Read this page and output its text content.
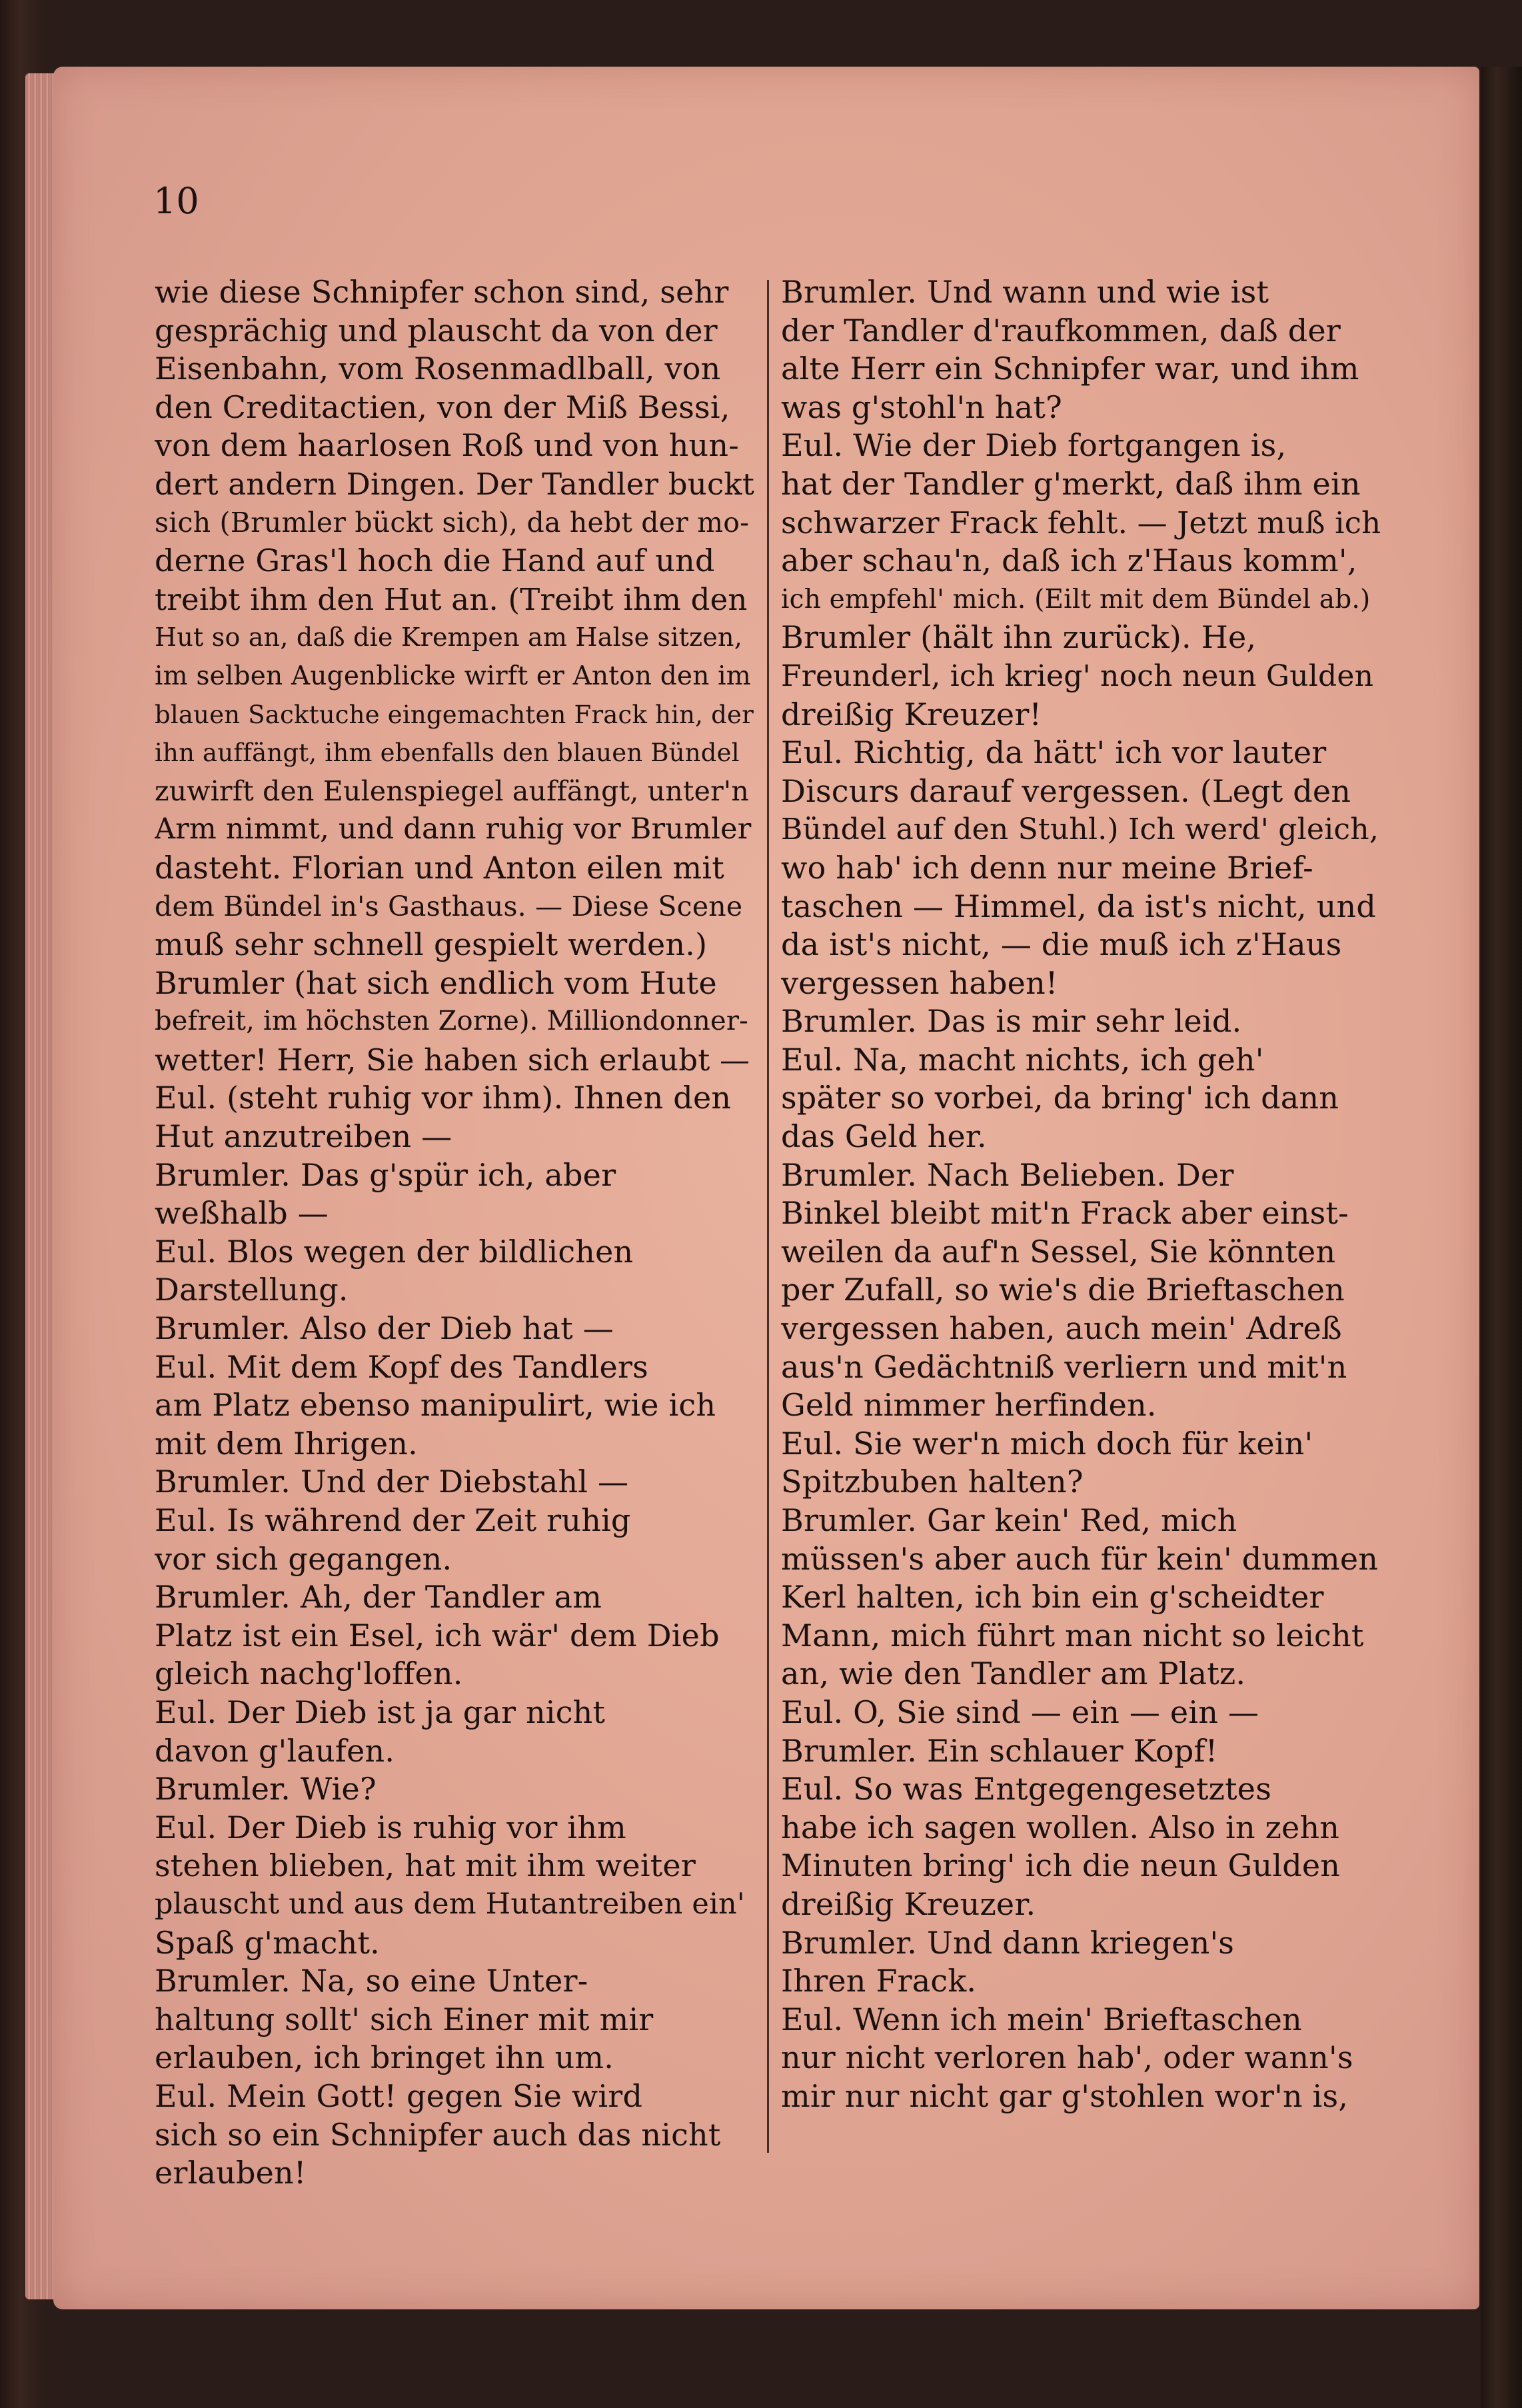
10
wie diese Schnipfer schon sind, sehr
gesprächig und plauscht da von der
Eisenbahn, vom Rosenmadlball, von
den Creditactien, von der Miß Bessi,
von dem haarlosen Roß und von hun-
dert andern Dingen. Der Tandler buckt
sich (Brumler bückt sich), da hebt der mo-
derne Gras'l hoch die Hand auf und
treibt ihm den Hut an. (Treibt ihm den
Hut so an, daß die Krempen am Halse sitzen,
im selben Augenblicke wirft er Anton den im
blauen Sacktuche eingemachten Frack hin, der
ihn auffängt, ihm ebenfalls den blauen Bündel
zuwirft den Eulenspiegel auffängt, unter'n
Arm nimmt, und dann ruhig vor Brumler
dasteht. Florian und Anton eilen mit
dem Bündel in's Gasthaus. — Diese Scene
muß sehr schnell gespielt werden.)
Brumler (hat sich endlich vom Hute
befreit, im höchsten Zorne). Milliondonner-
wetter! Herr, Sie haben sich erlaubt —
Eul. (steht ruhig vor ihm). Ihnen den
Hut anzutreiben —
Brumler. Das g'spür ich, aber
weßhalb —
Eul. Blos wegen der bildlichen
Darstellung.
Brumler. Also der Dieb hat —
Eul. Mit dem Kopf des Tandlers
am Platz ebenso manipulirt, wie ich
mit dem Ihrigen.
Brumler. Und der Diebstahl —
Eul. Is während der Zeit ruhig
vor sich gegangen.
Brumler. Ah, der Tandler am
Platz ist ein Esel, ich wär' dem Dieb
gleich nachg'loffen.
Eul. Der Dieb ist ja gar nicht
davon g'laufen.
Brumler. Wie?
Eul. Der Dieb is ruhig vor ihm
stehen blieben, hat mit ihm weiter
plauscht und aus dem Hutantreiben ein'
Spaß g'macht.
Brumler. Na, so eine Unter-
haltung sollt' sich Einer mit mir
erlauben, ich bringet ihn um.
Eul. Mein Gott! gegen Sie wird
sich so ein Schnipfer auch das nicht
erlauben!
Brumler. Und wann und wie ist
der Tandler d'raufkommen, daß der
alte Herr ein Schnipfer war, und ihm
was g'stohl'n hat?
Eul. Wie der Dieb fortgangen is,
hat der Tandler g'merkt, daß ihm ein
schwarzer Frack fehlt. — Jetzt muß ich
aber schau'n, daß ich z'Haus komm',
ich empfehl' mich. (Eilt mit dem Bündel ab.)
Brumler (hält ihn zurück). He,
Freunderl, ich krieg' noch neun Gulden
dreißig Kreuzer!
Eul. Richtig, da hätt' ich vor lauter
Discurs darauf vergessen. (Legt den
Bündel auf den Stuhl.) Ich werd' gleich,
wo hab' ich denn nur meine Brief-
taschen — Himmel, da ist's nicht, und
da ist's nicht, — die muß ich z'Haus
vergessen haben!
Brumler. Das is mir sehr leid.
Eul. Na, macht nichts, ich geh'
später so vorbei, da bring' ich dann
das Geld her.
Brumler. Nach Belieben. Der
Binkel bleibt mit'n Frack aber einst-
weilen da auf'n Sessel, Sie könnten
per Zufall, so wie's die Brieftaschen
vergessen haben, auch mein' Adreß
aus'n Gedächtniß verliern und mit'n
Geld nimmer herfinden.
Eul. Sie wer'n mich doch für kein'
Spitzbuben halten?
Brumler. Gar kein' Red, mich
müssen's aber auch für kein' dummen
Kerl halten, ich bin ein g'scheidter
Mann, mich führt man nicht so leicht
an, wie den Tandler am Platz.
Eul. O, Sie sind — ein — ein —
Brumler. Ein schlauer Kopf!
Eul. So was Entgegengesetztes
habe ich sagen wollen. Also in zehn
Minuten bring' ich die neun Gulden
dreißig Kreuzer.
Brumler. Und dann kriegen's
Ihren Frack.
Eul. Wenn ich mein' Brieftaschen
nur nicht verloren hab', oder wann's
mir nur nicht gar g'stohlen wor'n is,
